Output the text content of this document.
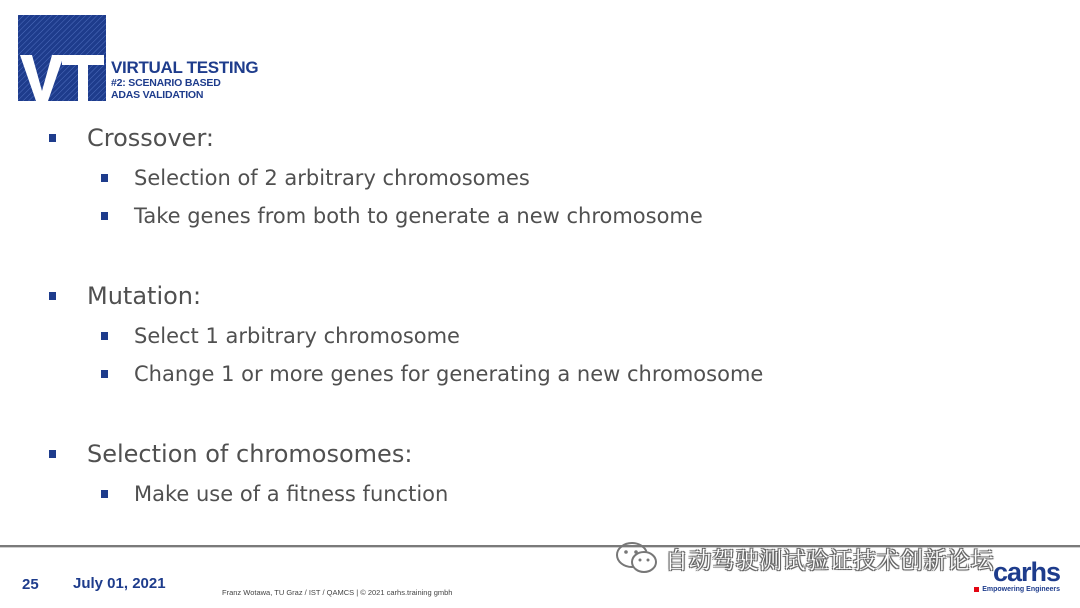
VIRTUAL TESTING
#2: SCENARIO BASED
ADAS VALIDATION
Crossover:
Selection of 2 arbitrary chromosomes
Take genes from both to generate a new chromosome
Mutation:
Select 1 arbitrary chromosome
Change 1 or more genes for generating a new chromosome
Selection of chromosomes:
Make use of a fitness function
25 July 01, 2021
Franz Wotawa, TU Graz / IST / QAMCS | © 2021 carhs.training gmbh
自动驾驶测试验证技术创新论坛
carhs
Empowering Engineers
